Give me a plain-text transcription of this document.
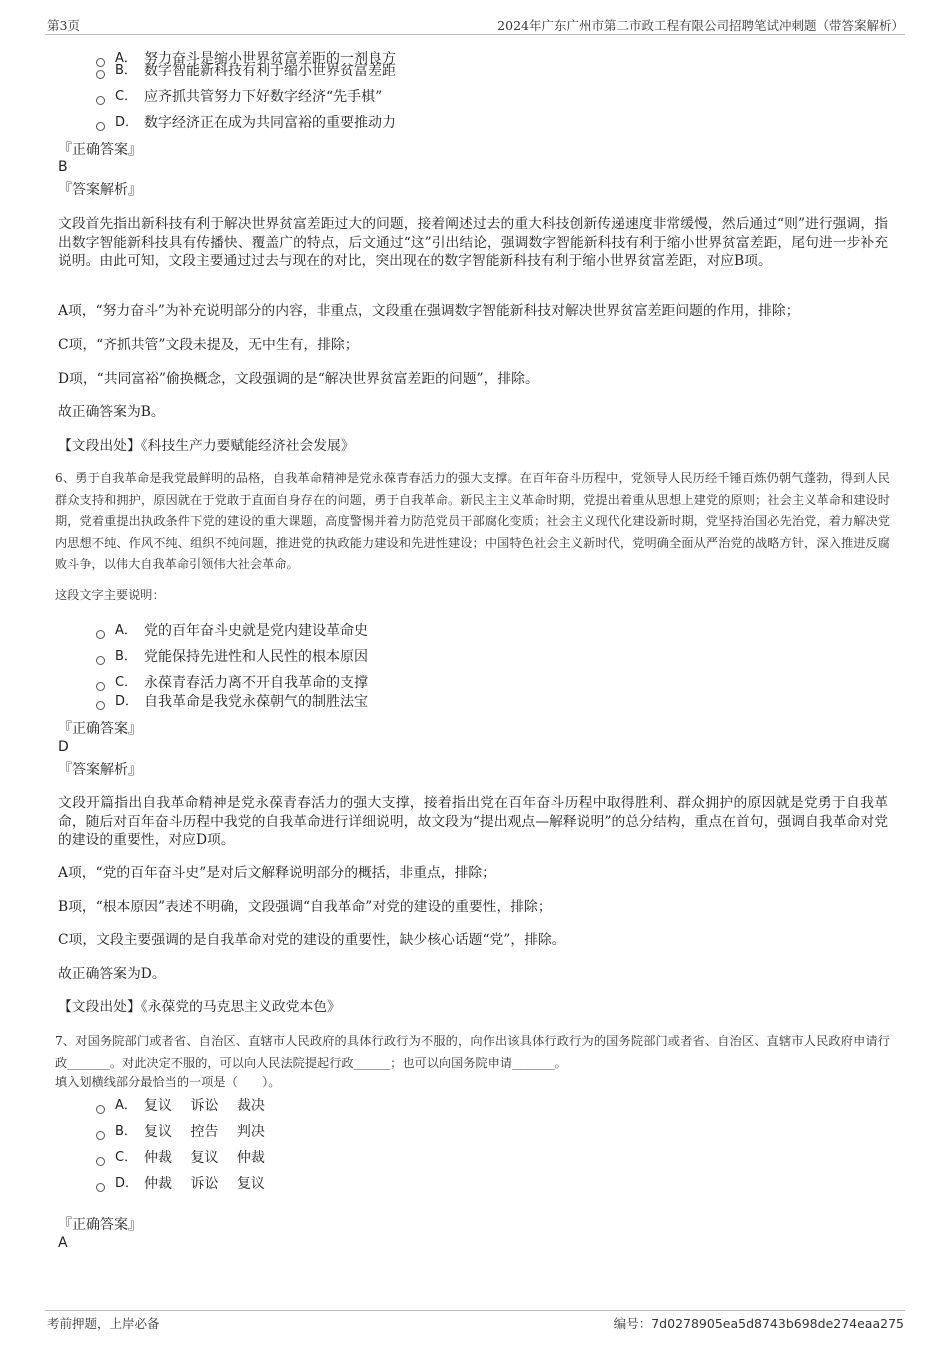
第3页	2024年广东广州市第二市政工程有限公司招聘笔试冲刺题（带答案解析）
A． 努力奋斗是缩小世界贫富差距的一剂良方
B． 数字智能新科技有利于缩小世界贫富差距
C． 应齐抓共管努力下好数字经济“先手棋”
D． 数字经济正在成为共同富裕的重要推动力
『正确答案』
B
『答案解析』
文段首先指出新科技有利于解决世界贫富差距过大的问题，接着阐述过去的重大科技创新传递速度非常缓慢，然后通过“则”进行强调，指出数字智能新科技具有传播快、覆盖广的特点，后文通过“这”引出结论，强调数字智能新科技有利于缩小世界贫富差距，尾句进一步补充说明。由此可知，文段主要通过过去与现在的对比，突出现在的数字智能新科技有利于缩小世界贫富差距，对应B项。
A项，“努力奋斗”为补充说明部分的内容，非重点，文段重在强调数字智能新科技对解决世界贫富差距问题的作用，排除；
C项，“齐抓共管”文段未提及，无中生有，排除；
D项，“共同富裕”偷换概念，文段强调的是“解决世界贫富差距的问题”，排除。
故正确答案为B。
【文段出处】《科技生产力要赋能经济社会发展》
6、勇于自我革命是我党最鲜明的品格，自我革命精神是党永葆青春活力的强大支撑。在百年奋斗历程中，党领导人民历经千锤百炼仍朝气蓬勃，得到人民群众支持和拥护，原因就在于党敢于直面自身存在的问题，勇于自我革命。新民主主义革命时期，党提出着重从思想上建党的原则；社会主义革命和建设时期，党着重提出执政条件下党的建设的重大课题，高度警惕并着力防范党员干部腐化变质；社会主义现代化建设新时期，党坚持治国必先治党，着力解决党内思想不纯、作风不纯、组织不纯问题，推进党的执政能力建设和先进性建设；中国特色社会主义新时代，党明确全面从严治党的战略方针，深入推进反腐败斗争，以伟大自我革命引领伟大社会革命。
这段文字主要说明：
A． 党的百年奋斗史就是党内建设革命史
B． 党能保持先进性和人民性的根本原因
C． 永葆青春活力离不开自我革命的支撑
D． 自我革命是我党永葆朝气的制胜法宝
『正确答案』
D
『答案解析』
文段开篇指出自我革命精神是党永葆青春活力的强大支撑，接着指出党在百年奋斗历程中取得胜利、群众拥护的原因就是党勇于自我革命，随后对百年奋斗历程中我党的自我革命进行详细说明，故文段为“提出观点—解释说明”的总分结构，重点在首句，强调自我革命对党的建设的重要性，对应D项。
A项，“党的百年奋斗史”是对后文解释说明部分的概括，非重点，排除；
B项，“根本原因”表述不明确，文段强调“自我革命”对党的建设的重要性，排除；
C项，文段主要强调的是自我革命对党的建设的重要性，缺少核心话题“党”，排除。
故正确答案为D。
【文段出处】《永葆党的马克思主义政党本色》
7、对国务院部门或者省、自治区、直辖市人民政府的具体行政行为不服的，向作出该具体行政行为的国务院部门或者省、自治区、直辖市人民政府申请行政_______。对此决定不服的，可以向人民法院提起行政______；也可以向国务院申请_______。
填入划横线部分最恰当的一项是（　　）。
A． 复议　 诉讼　 裁决
B． 复议　 控告　 判决
C． 仲裁　 复议　 仲裁
D． 仲裁　 诉讼　 复议
『正确答案』
A
考前押题，上岸必备	编号：7d0278905ea5d8743b698de274eaa275
